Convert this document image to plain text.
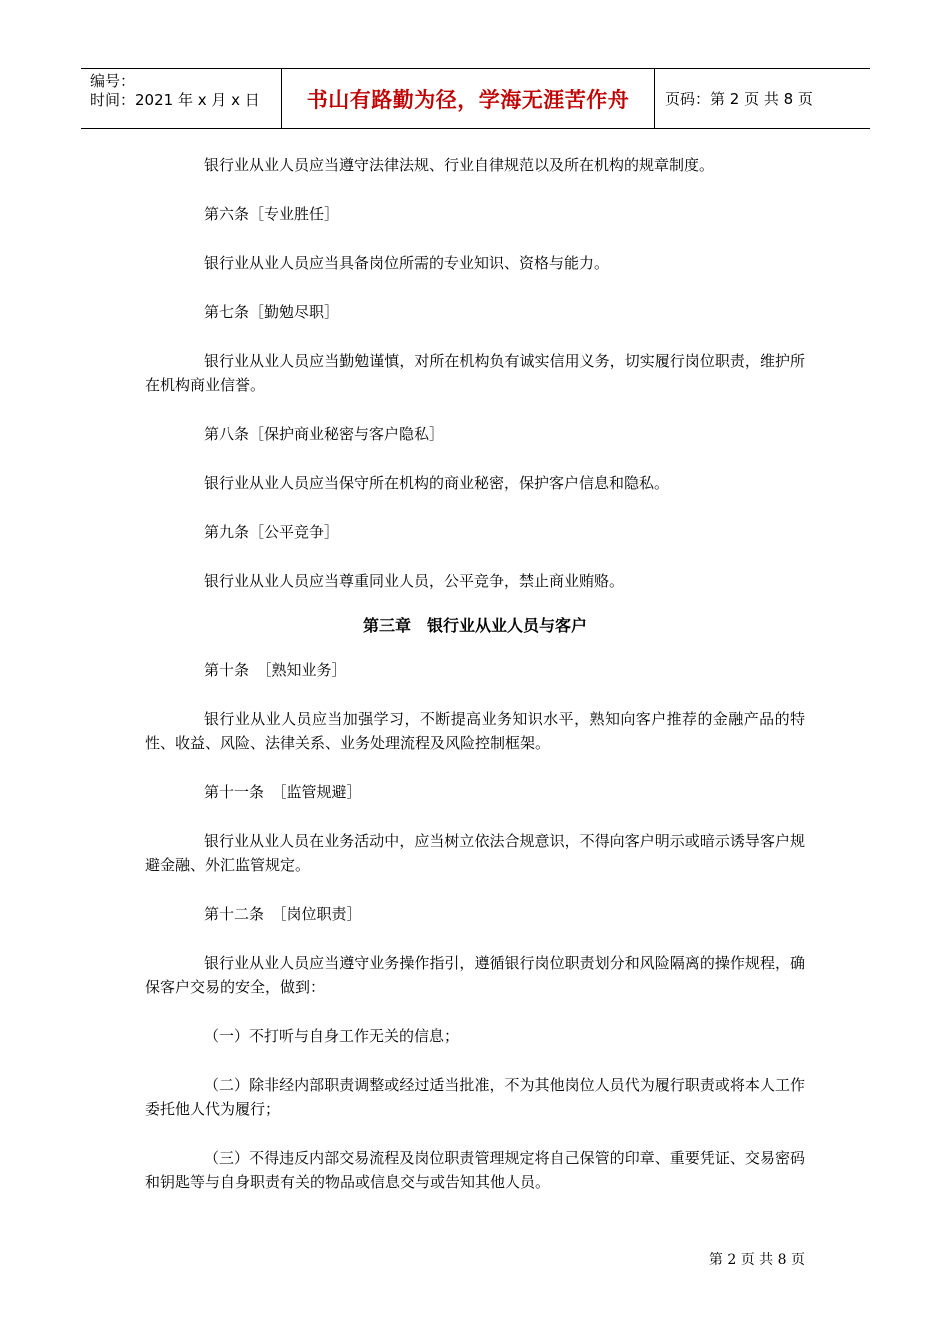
编号：
时间：2021 年 x 月 x 日	书山有路勤为径，学海无涯苦作舟	页码：第 2 页 共 8 页

银行业从业人员应当遵守法律法规、行业自律规范以及所在机构的规章制度。

第六条［专业胜任］

银行业从业人员应当具备岗位所需的专业知识、资格与能力。

第七条［勤勉尽职］

银行业从业人员应当勤勉谨慎，对所在机构负有诚实信用义务，切实履行岗位职责，维护所在机构商业信誉。

第八条［保护商业秘密与客户隐私］

银行业从业人员应当保守所在机构的商业秘密，保护客户信息和隐私。

第九条［公平竞争］

银行业从业人员应当尊重同业人员，公平竞争，禁止商业贿赂。

第三章　银行业从业人员与客户

第十条　［熟知业务］

银行业从业人员应当加强学习，不断提高业务知识水平，熟知向客户推荐的金融产品的特性、收益、风险、法律关系、业务处理流程及风险控制框架。

第十一条　［监管规避］

银行业从业人员在业务活动中，应当树立依法合规意识，不得向客户明示或暗示诱导客户规避金融、外汇监管规定。

第十二条　［岗位职责］

银行业从业人员应当遵守业务操作指引，遵循银行岗位职责划分和风险隔离的操作规程，确保客户交易的安全，做到：

（一）不打听与自身工作无关的信息；

（二）除非经内部职责调整或经过适当批准，不为其他岗位人员代为履行职责或将本人工作委托他人代为履行；

（三）不得违反内部交易流程及岗位职责管理规定将自己保管的印章、重要凭证、交易密码和钥匙等与自身职责有关的物品或信息交与或告知其他人员。

第 2 页 共 8 页
